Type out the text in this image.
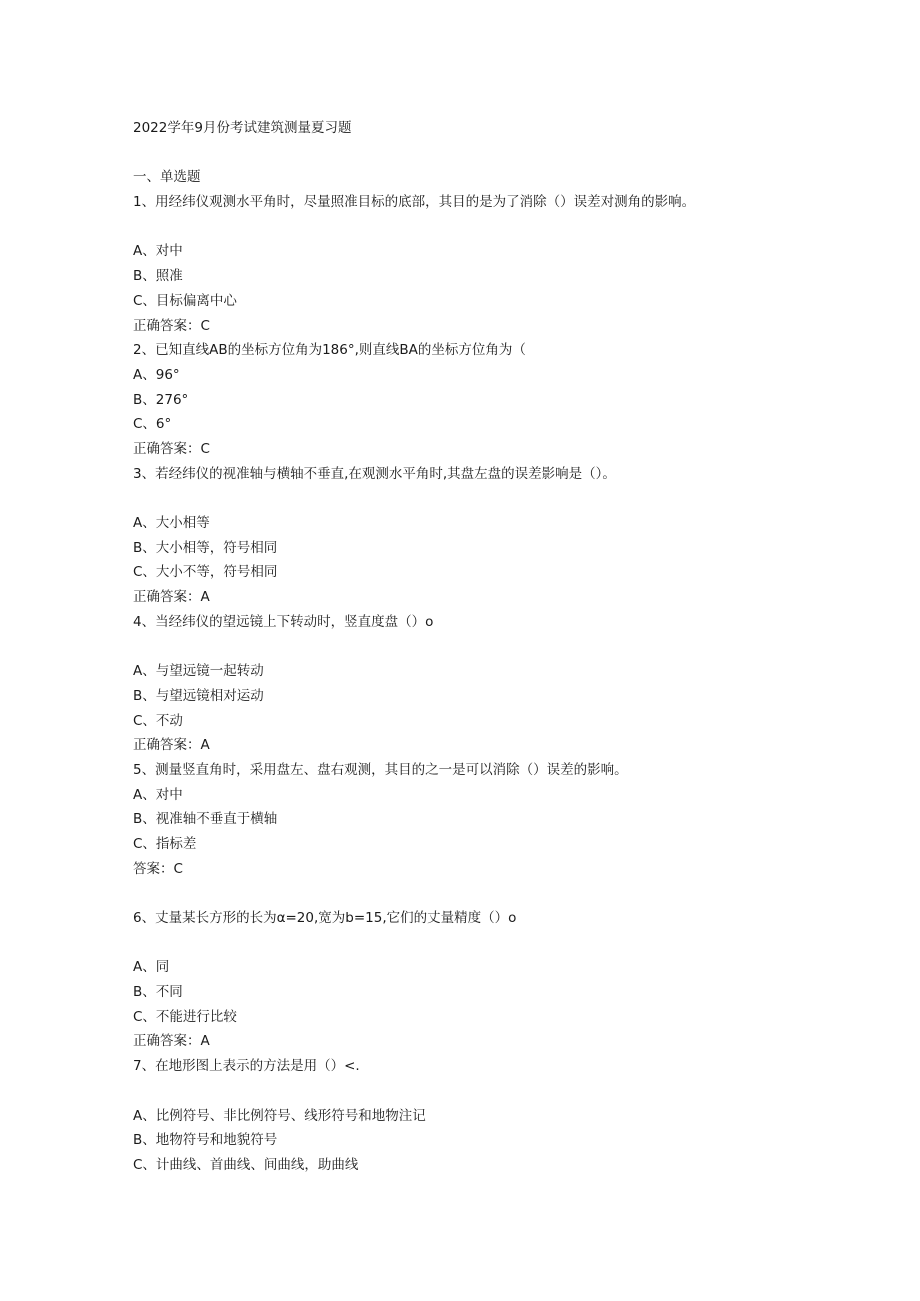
2022学年9月份考试建筑测量夏习题
一、单选题
1、用经纬仪观测水平角时，尽量照准目标的底部，其目的是为了消除（）误差对测角的影响。
A、对中
B、照准
C、目标偏离中心
正确答案：C
2、已知直线AB的坐标方位角为186°,则直线BA的坐标方位角为（
A、96°
B、276°
C、6°
正确答案：C
3、若经纬仪的视准轴与横轴不垂直,在观测水平角时,其盘左盘的误差影响是（）。
A、大小相等
B、大小相等，符号相同
C、大小不等，符号相同
正确答案：A
4、当经纬仪的望远镜上下转动时，竖直度盘（）o
A、与望远镜一起转动
B、与望远镜相对运动
C、不动
正确答案：A
5、测量竖直角时，采用盘左、盘右观测，其目的之一是可以消除（）误差的影响。
A、对中
B、视准轴不垂直于横轴
C、指标差
答案：C
6、丈量某长方形的长为α=20,宽为b=15,它们的丈量精度（）o
A、同
B、不同
C、不能进行比较
正确答案：A
7、在地形图上表示的方法是用（）<.
A、比例符号、非比例符号、线形符号和地物注记
B、地物符号和地貌符号
C、计曲线、首曲线、间曲线，助曲线
